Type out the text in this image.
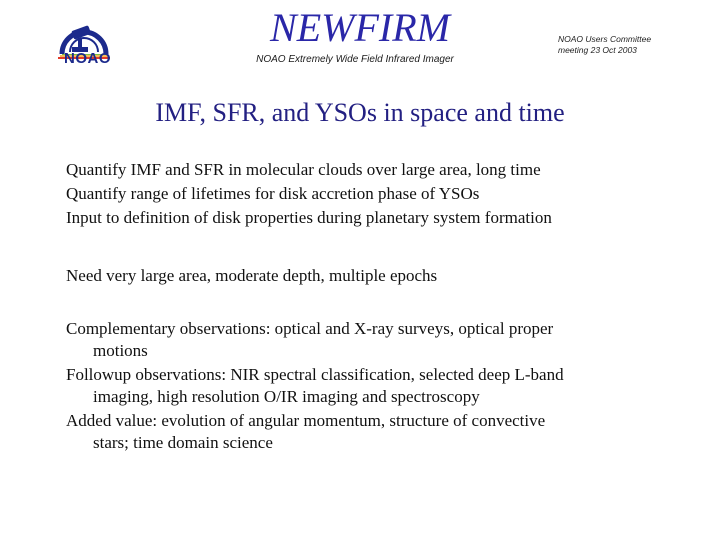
NOAO
NEWFIRM
NOAO Extremely Wide Field Infrared Imager
NOAO Users Committee
meeting 23 Oct 2003
IMF, SFR, and YSOs in space and time
Quantify IMF and SFR in molecular clouds over large area, long time
Quantify range of lifetimes for disk accretion phase of YSOs
Input to definition of disk properties during planetary system formation
Need very large area, moderate depth, multiple epochs
Complementary observations: optical and X-ray surveys, optical proper
motions
Followup observations: NIR spectral classification, selected deep L-band
imaging, high resolution O/IR imaging and spectroscopy
Added value: evolution of angular momentum, structure of convective
stars; time domain science
